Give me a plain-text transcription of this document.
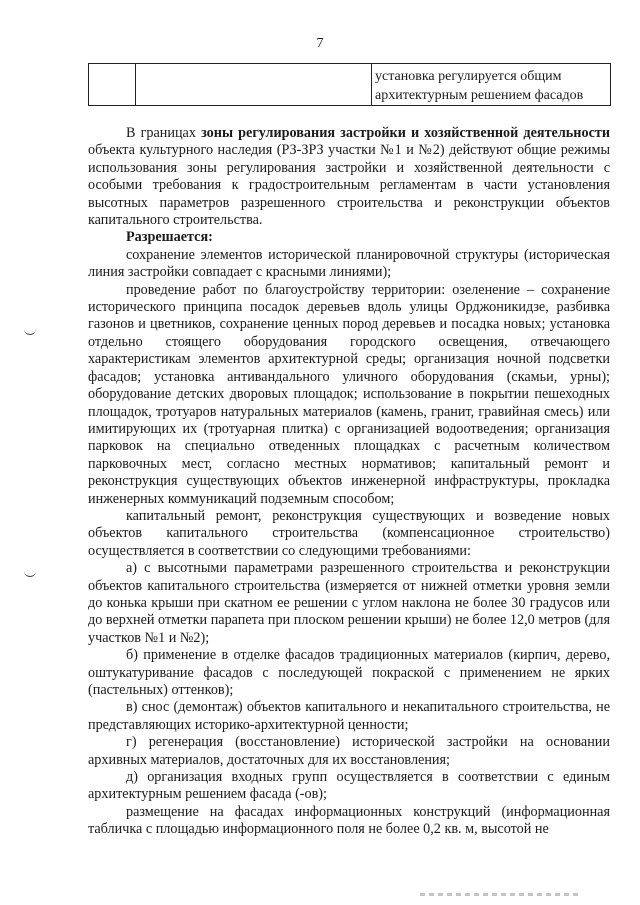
7
		установка регулируется общим архитектурным решением фасадов

В границах зоны регулирования застройки и хозяйственной деятельности объекта культурного наследия (РЗ-ЗРЗ участки №1 и №2) действуют общие режимы использования зоны регулирования застройки и хозяйственной деятельности с особыми требования к градостроительным регламентам в части установления высотных параметров разрешенного строительства и реконструкции объектов капитального строительства.

Разрешается:

сохранение элементов исторической планировочной структуры (историческая линия застройки совпадает с красными линиями);

проведение работ по благоустройству территории: озеленение – сохранение исторического принципа посадок деревьев вдоль улицы Орджоникидзе, разбивка газонов и цветников, сохранение ценных пород деревьев и посадка новых; установка отдельно стоящего оборудования городского освещения, отвечающего характеристикам элементов архитектурной среды; организация ночной подсветки фасадов; установка антивандального уличного оборудования (скамьи, урны); оборудование детских дворовых площадок; использование в покрытии пешеходных площадок, тротуаров натуральных материалов (камень, гранит, гравийная смесь) или имитирующих их (тротуарная плитка) с организацией водоотведения; организация парковок на специально отведенных площадках с расчетным количеством парковочных мест, согласно местных нормативов; капитальный ремонт и реконструкция существующих объектов инженерной инфраструктуры, прокладка инженерных коммуникаций подземным способом;

капитальный ремонт, реконструкция существующих и возведение новых объектов капитального строительства (компенсационное строительство) осуществляется в соответствии со следующими требованиями:

а) с высотными параметрами разрешенного строительства и реконструкции объектов капитального строительства (измеряется от нижней отметки уровня земли до конька крыши при скатном ее решении с углом наклона не более 30 градусов или до верхней отметки парапета при плоском решении крыши) не более 12,0 метров (для участков №1 и №2);

б) применение в отделке фасадов традиционных материалов (кирпич, дерево, оштукатуривание фасадов с последующей покраской с применением не ярких (пастельных) оттенков);

в) снос (демонтаж) объектов капитального и некапитального строительства, не представляющих историко-архитектурной ценности;

г) регенерация (восстановление) исторической застройки на основании архивных материалов, достаточных для их восстановления;

д) организация входных групп осуществляется в соответствии с единым архитектурным решением фасада (-ов);

размещение на фасадах информационных конструкций (информационная табличка с площадью информационного поля не более 0,2 кв. м, высотой не
